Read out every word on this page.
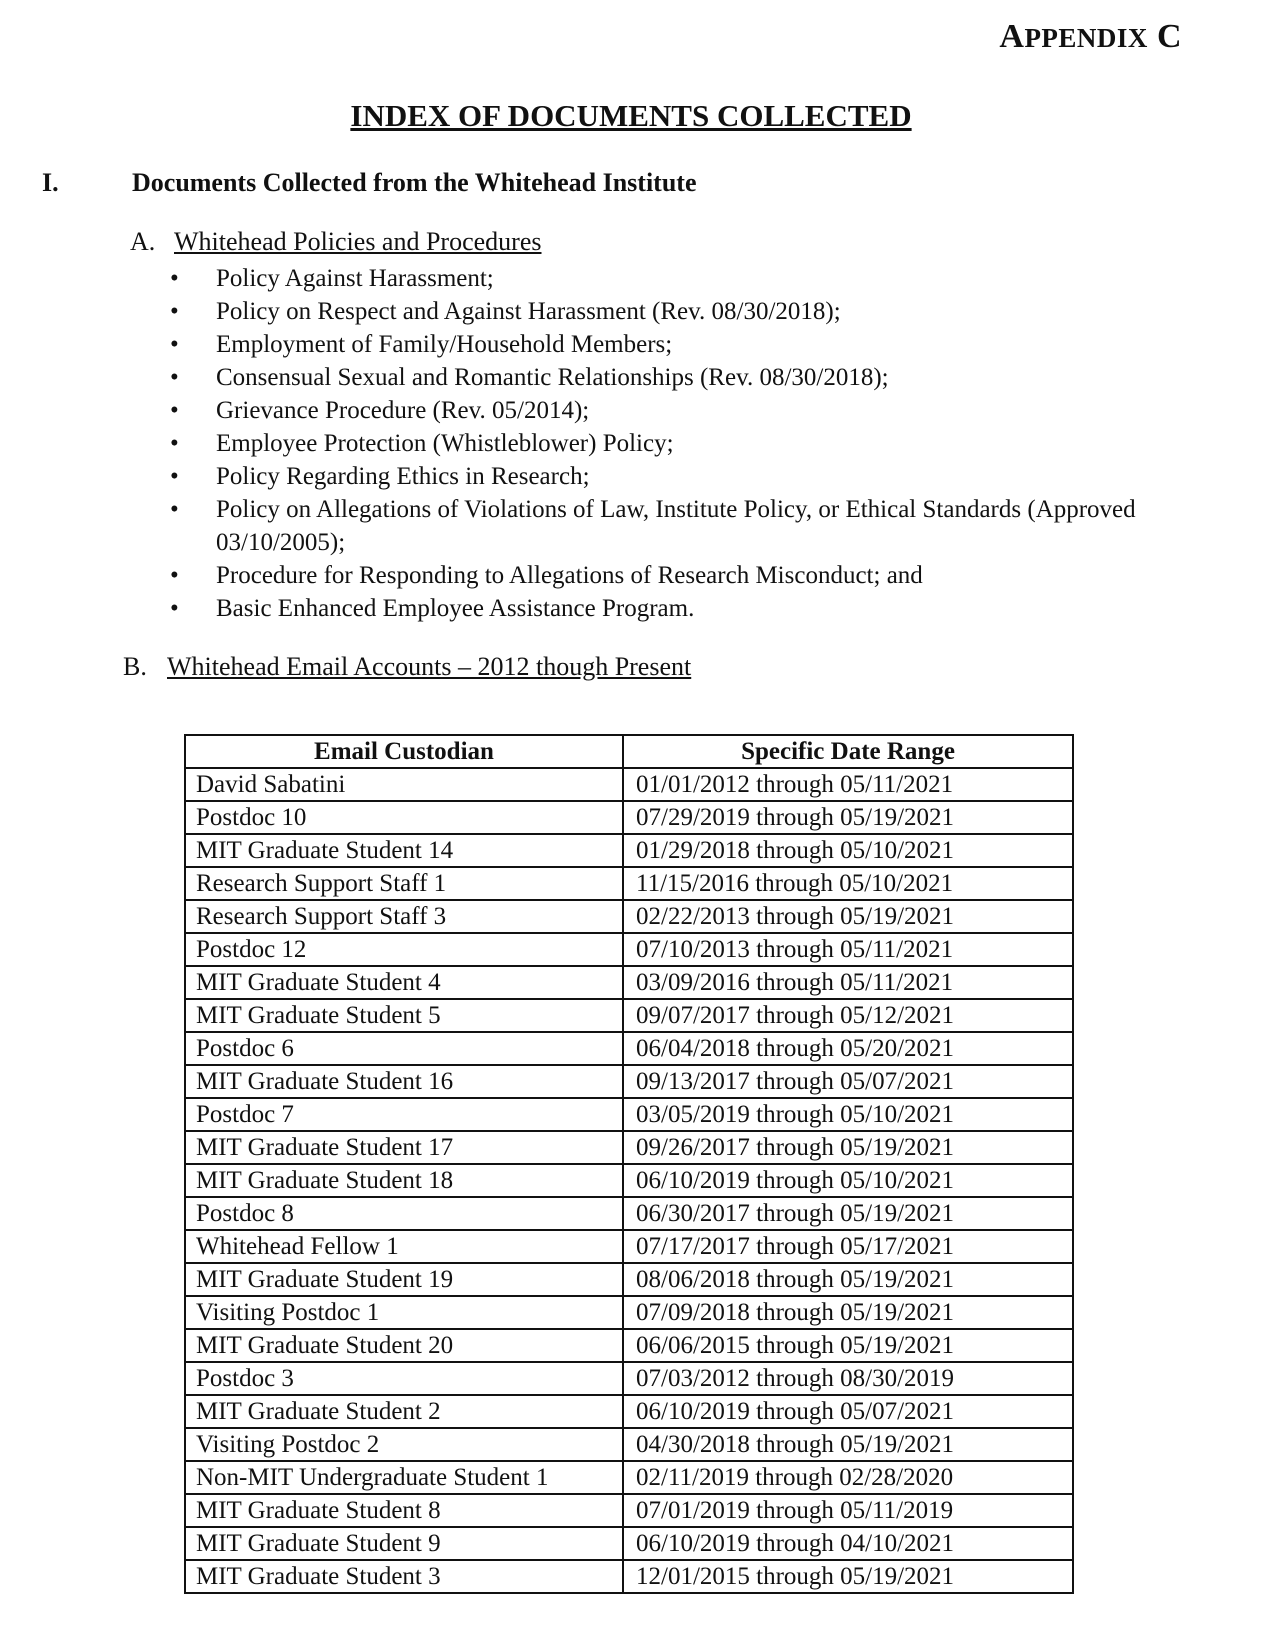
APPENDIX C
INDEX OF DOCUMENTS COLLECTED
I.	Documents Collected from the Whitehead Institute
A. Whitehead Policies and Procedures
• Policy Against Harassment;
• Policy on Respect and Against Harassment (Rev. 08/30/2018);
• Employment of Family/Household Members;
• Consensual Sexual and Romantic Relationships (Rev. 08/30/2018);
• Grievance Procedure (Rev. 05/2014);
• Employee Protection (Whistleblower) Policy;
• Policy Regarding Ethics in Research;
• Policy on Allegations of Violations of Law, Institute Policy, or Ethical Standards (Approved 03/10/2005);
• Procedure for Responding to Allegations of Research Misconduct; and
• Basic Enhanced Employee Assistance Program.
B. Whitehead Email Accounts – 2012 though Present
Email Custodian	Specific Date Range
David Sabatini	01/01/2012 through 05/11/2021
Postdoc 10	07/29/2019 through 05/19/2021
MIT Graduate Student 14	01/29/2018 through 05/10/2021
Research Support Staff 1	11/15/2016 through 05/10/2021
Research Support Staff 3	02/22/2013 through 05/19/2021
Postdoc 12	07/10/2013 through 05/11/2021
MIT Graduate Student 4	03/09/2016 through 05/11/2021
MIT Graduate Student 5	09/07/2017 through 05/12/2021
Postdoc 6	06/04/2018 through 05/20/2021
MIT Graduate Student 16	09/13/2017 through 05/07/2021
Postdoc 7	03/05/2019 through 05/10/2021
MIT Graduate Student 17	09/26/2017 through 05/19/2021
MIT Graduate Student 18	06/10/2019 through 05/10/2021
Postdoc 8	06/30/2017 through 05/19/2021
Whitehead Fellow 1	07/17/2017 through 05/17/2021
MIT Graduate Student 19	08/06/2018 through 05/19/2021
Visiting Postdoc 1	07/09/2018 through 05/19/2021
MIT Graduate Student 20	06/06/2015 through 05/19/2021
Postdoc 3	07/03/2012 through 08/30/2019
MIT Graduate Student 2	06/10/2019 through 05/07/2021
Visiting Postdoc 2	04/30/2018 through 05/19/2021
Non-MIT Undergraduate Student 1	02/11/2019 through 02/28/2020
MIT Graduate Student 8	07/01/2019 through 05/11/2019
MIT Graduate Student 9	06/10/2019 through 04/10/2021
MIT Graduate Student 3	12/01/2015 through 05/19/2021
